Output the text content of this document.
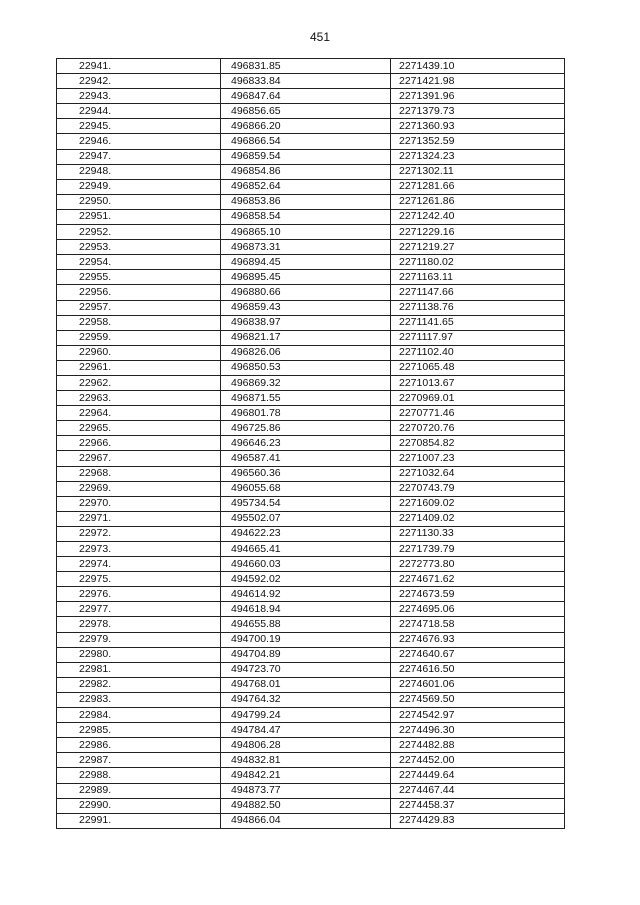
451
22941.	496831.85	2271439.10
22942.	496833.84	2271421.98
22943.	496847.64	2271391.96
22944.	496856.65	2271379.73
22945.	496866.20	2271360.93
22946.	496866.54	2271352.59
22947.	496859.54	2271324.23
22948.	496854.86	2271302.11
22949.	496852.64	2271281.66
22950.	496853.86	2271261.86
22951.	496858.54	2271242.40
22952.	496865.10	2271229.16
22953.	496873.31	2271219.27
22954.	496894.45	2271180.02
22955.	496895.45	2271163.11
22956.	496880.66	2271147.66
22957.	496859.43	2271138.76
22958.	496838.97	2271141.65
22959.	496821.17	2271117.97
22960.	496826.06	2271102.40
22961.	496850.53	2271065.48
22962.	496869.32	2271013.67
22963.	496871.55	2270969.01
22964.	496801.78	2270771.46
22965.	496725.86	2270720.76
22966.	496646.23	2270854.82
22967.	496587.41	2271007.23
22968.	496560.36	2271032.64
22969.	496055.68	2270743.79
22970.	495734.54	2271609.02
22971.	495502.07	2271409.02
22972.	494622.23	2271130.33
22973.	494665.41	2271739.79
22974.	494660.03	2272773.80
22975.	494592.02	2274671.62
22976.	494614.92	2274673.59
22977.	494618.94	2274695.06
22978.	494655.88	2274718.58
22979.	494700.19	2274676.93
22980.	494704.89	2274640.67
22981.	494723.70	2274616.50
22982.	494768.01	2274601.06
22983.	494764.32	2274569.50
22984.	494799.24	2274542.97
22985.	494784.47	2274496.30
22986.	494806.28	2274482.88
22987.	494832.81	2274452.00
22988.	494842.21	2274449.64
22989.	494873.77	2274467.44
22990.	494882.50	2274458.37
22991.	494866.04	2274429.83
